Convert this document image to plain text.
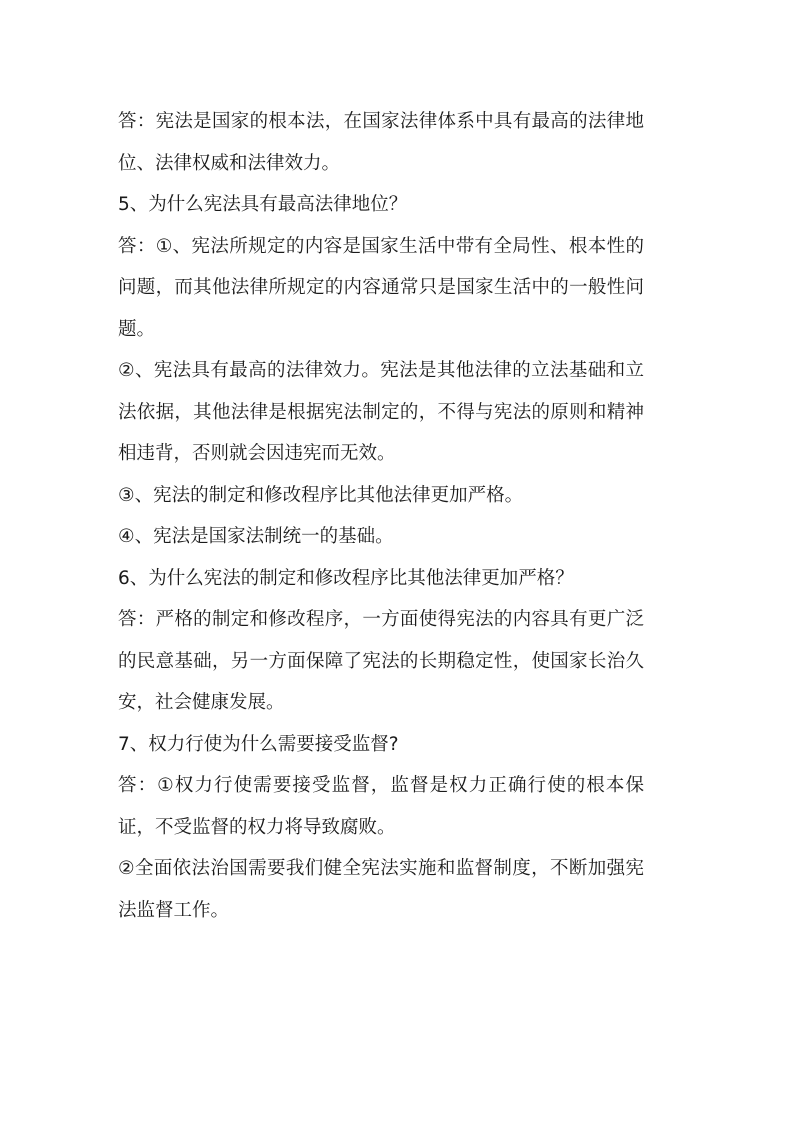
答：宪法是国家的根本法，在国家法律体系中具有最高的法律地
位、法律权威和法律效力。
5、为什么宪法具有最高法律地位？
答：①、宪法所规定的内容是国家生活中带有全局性、根本性的
问题，而其他法律所规定的内容通常只是国家生活中的一般性问
题。
②、宪法具有最高的法律效力。宪法是其他法律的立法基础和立
法依据，其他法律是根据宪法制定的，不得与宪法的原则和精神
相违背，否则就会因违宪而无效。
③、宪法的制定和修改程序比其他法律更加严格。
④、宪法是国家法制统一的基础。
6、为什么宪法的制定和修改程序比其他法律更加严格？
答：严格的制定和修改程序，一方面使得宪法的内容具有更广泛
的民意基础，另一方面保障了宪法的长期稳定性，使国家长治久
安，社会健康发展。
7、权力行使为什么需要接受监督?
答：①权力行使需要接受监督，监督是权力正确行使的根本保
证，不受监督的权力将导致腐败。
②全面依法治国需要我们健全宪法实施和监督制度，不断加强宪
法监督工作。
